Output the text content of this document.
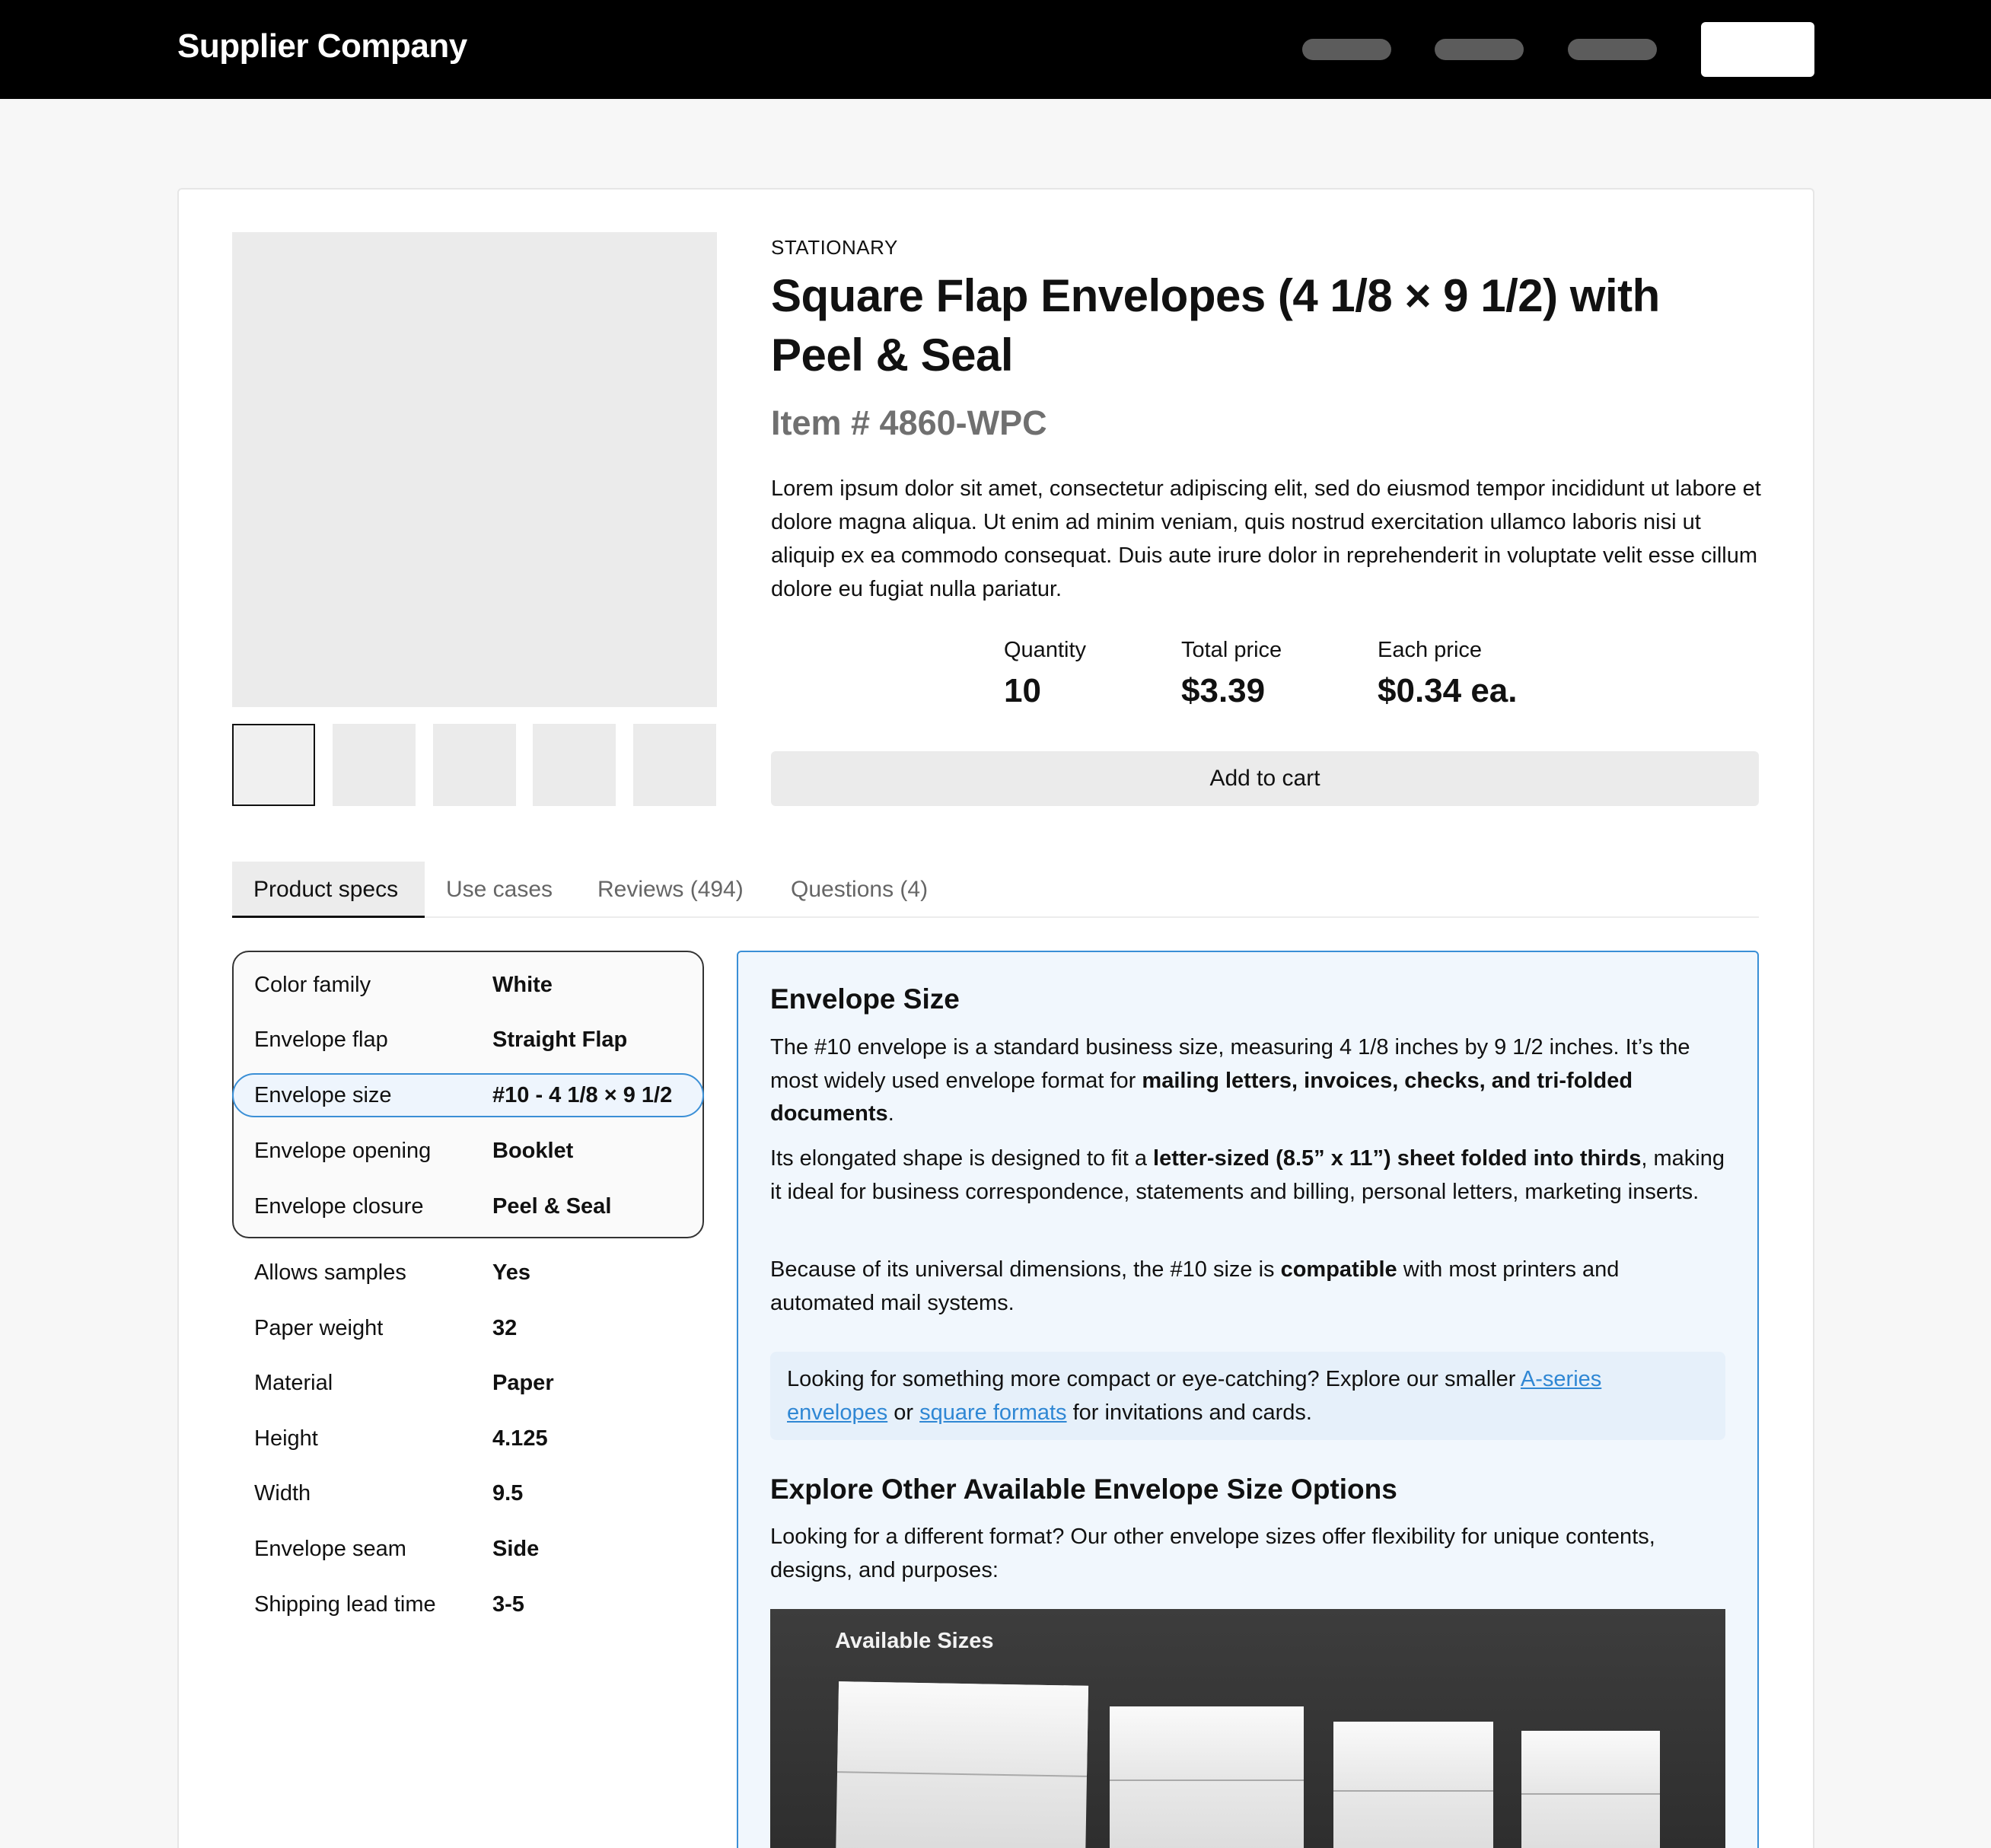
Supplier Company
STATIONARY
Square Flap Envelopes (4 1/8 × 9 1/2) with Peel & Seal
Item # 4860-WPC
Lorem ipsum dolor sit amet, consectetur adipiscing elit, sed do eiusmod tempor incididunt ut labore et dolore magna aliqua. Ut enim ad minim veniam, quis nostrud exercitation ullamco laboris nisi ut aliquip ex ea commodo consequat. Duis aute irure dolor in reprehenderit in voluptate velit esse cillum dolore eu fugiat nulla pariatur.
Quantity
10
Total price
$3.39
Each price
$0.34 ea.
Add to cart
Product specs	Use cases	Reviews (494)	Questions (4)
Color family	White
Envelope flap	Straight Flap
Envelope size	#10 - 4 1/8 × 9 1/2
Envelope opening	Booklet
Envelope closure	Peel & Seal
Allows samples	Yes
Paper weight	32
Material	Paper
Height	4.125
Width	9.5
Envelope seam	Side
Shipping lead time	3-5
Envelope Size
The #10 envelope is a standard business size, measuring 4 1/8 inches by 9 1/2 inches. It’s the most widely used envelope format for mailing letters, invoices, checks, and tri-folded documents.
Its elongated shape is designed to fit a letter-sized (8.5” x 11”) sheet folded into thirds, making it ideal for business correspondence, statements and billing, personal letters, marketing inserts.
Because of its universal dimensions, the #10 size is compatible with most printers and automated mail systems.
Looking for something more compact or eye-catching? Explore our smaller A-series envelopes or square formats for invitations and cards.
Explore Other Available Envelope Size Options
Looking for a different format? Our other envelope sizes offer flexibility for unique contents, designs, and purposes:
Available Sizes
